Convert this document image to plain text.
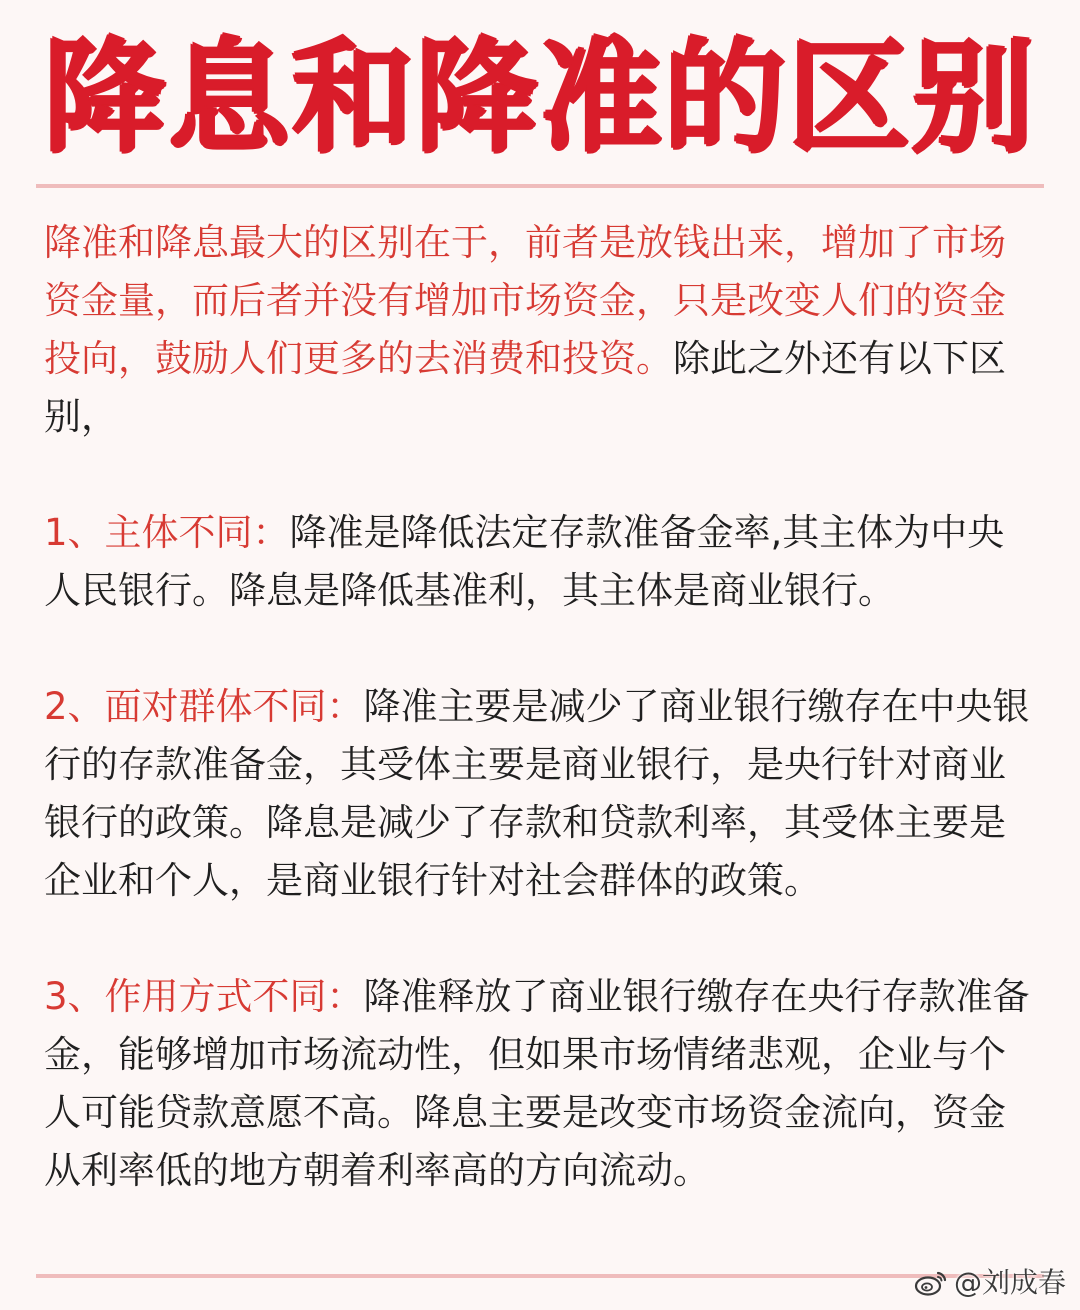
降息和降准的区别

降准和降息最大的区别在于，前者是放钱出来，增加了市场资金量，而后者并没有增加市场资金，只是改变人们的资金投向，鼓励人们更多的去消费和投资。除此之外还有以下区别，

1、主体不同：降准是降低法定存款准备金率,其主体为中央人民银行。降息是降低基准利，其主体是商业银行。

2、面对群体不同：降准主要是减少了商业银行缴存在中央银行的存款准备金，其受体主要是商业银行，是央行针对商业银行的政策。降息是减少了存款和贷款利率，其受体主要是企业和个人，是商业银行针对社会群体的政策。

3、作用方式不同：降准释放了商业银行缴存在央行存款准备金，能够增加市场流动性，但如果市场情绪悲观，企业与个人可能贷款意愿不高。降息主要是改变市场资金流向，资金从利率低的地方朝着利率高的方向流动。

@刘成春
